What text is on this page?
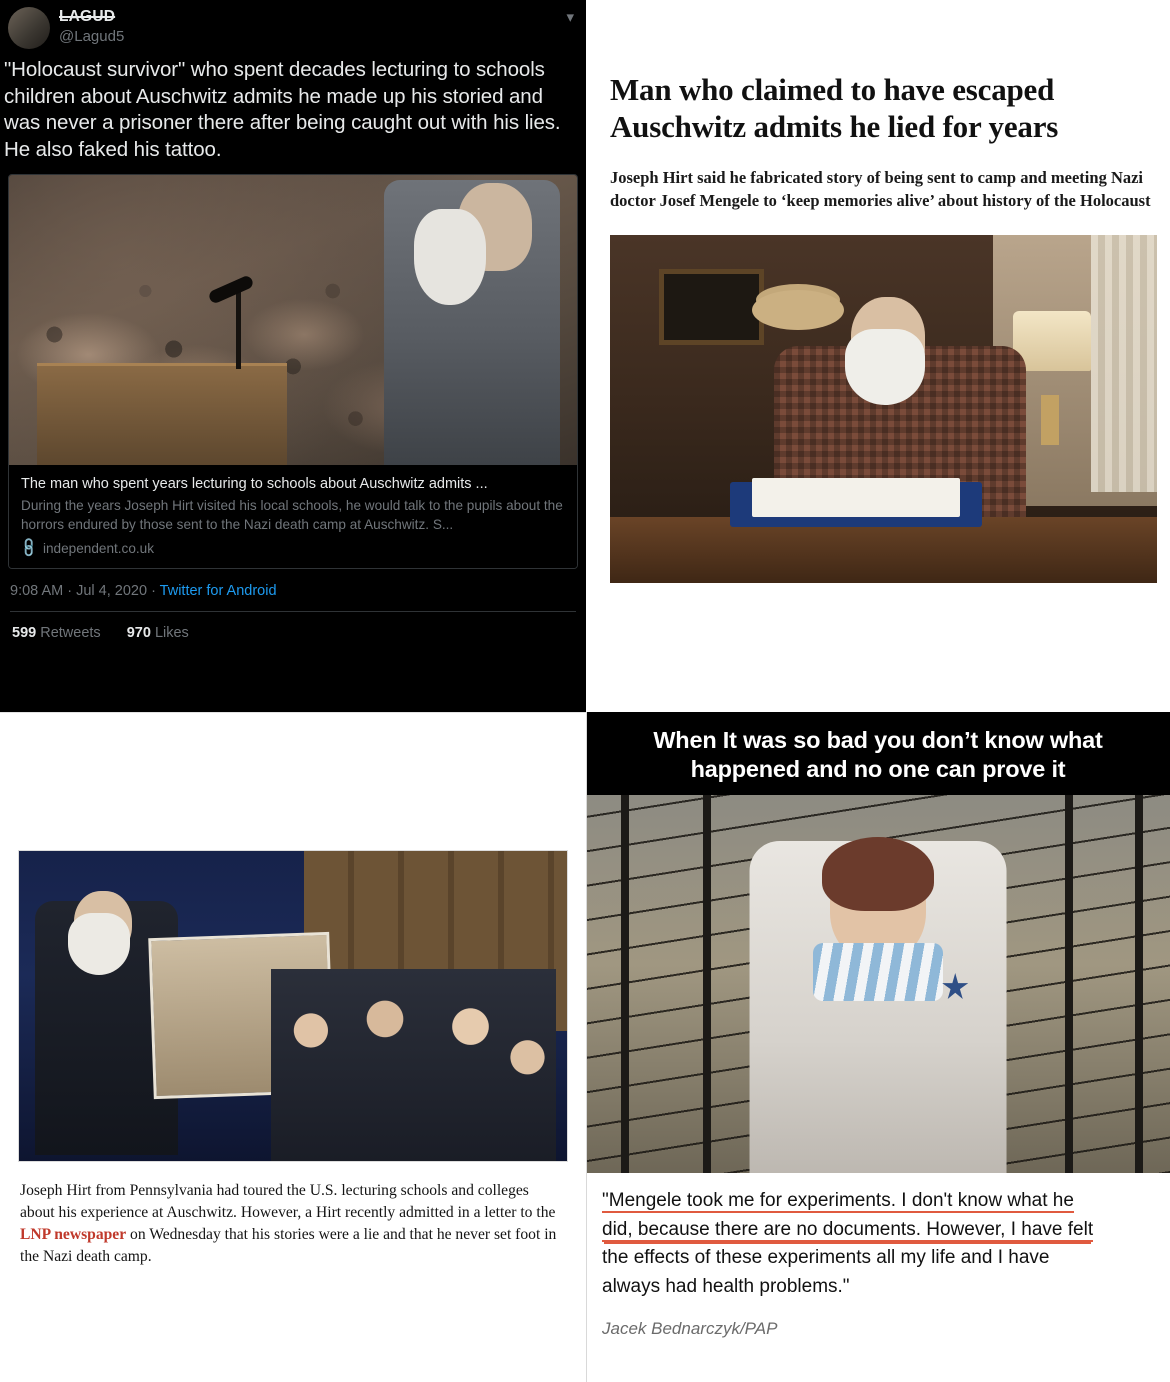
LAGUD
@Lagud5
▾
"Holocaust survivor" who spent decades lecturing to schools children about Auschwitz admits he made up his storied and was never a prisoner there after being caught out with his lies. He also faked his tattoo.
The man who spent years lecturing to schools about Auschwitz admits ...
During the years Joseph Hirt visited his local schools, he would talk to the pupils about the horrors endured by those sent to the Nazi death camp at Auschwitz. S...
🔗 independent.co.uk
9:08 AM · Jul 4, 2020 · Twitter for Android
599 Retweets 970 Likes
Man who claimed to have escaped Auschwitz admits he lied for years
Joseph Hirt said he fabricated story of being sent to camp and meeting Nazi doctor Josef Mengele to ‘keep memories alive’ about history of the Holocaust
Joseph Hirt from Pennsylvania had toured the U.S. lecturing schools and colleges about his experience at Auschwitz. However, a Hirt recently admitted in a letter to the LNP newspaper on Wednesday that his stories were a lie and that he never set foot in the Nazi death camp.
When It was so bad you don’t know what happened and no one can prove it
"Mengele took me for experiments. I don't know what he
did, because there are no documents. However, I have felt
the effects of these experiments all my life and I have
always had health problems."
Jacek Bednarczyk/PAP
